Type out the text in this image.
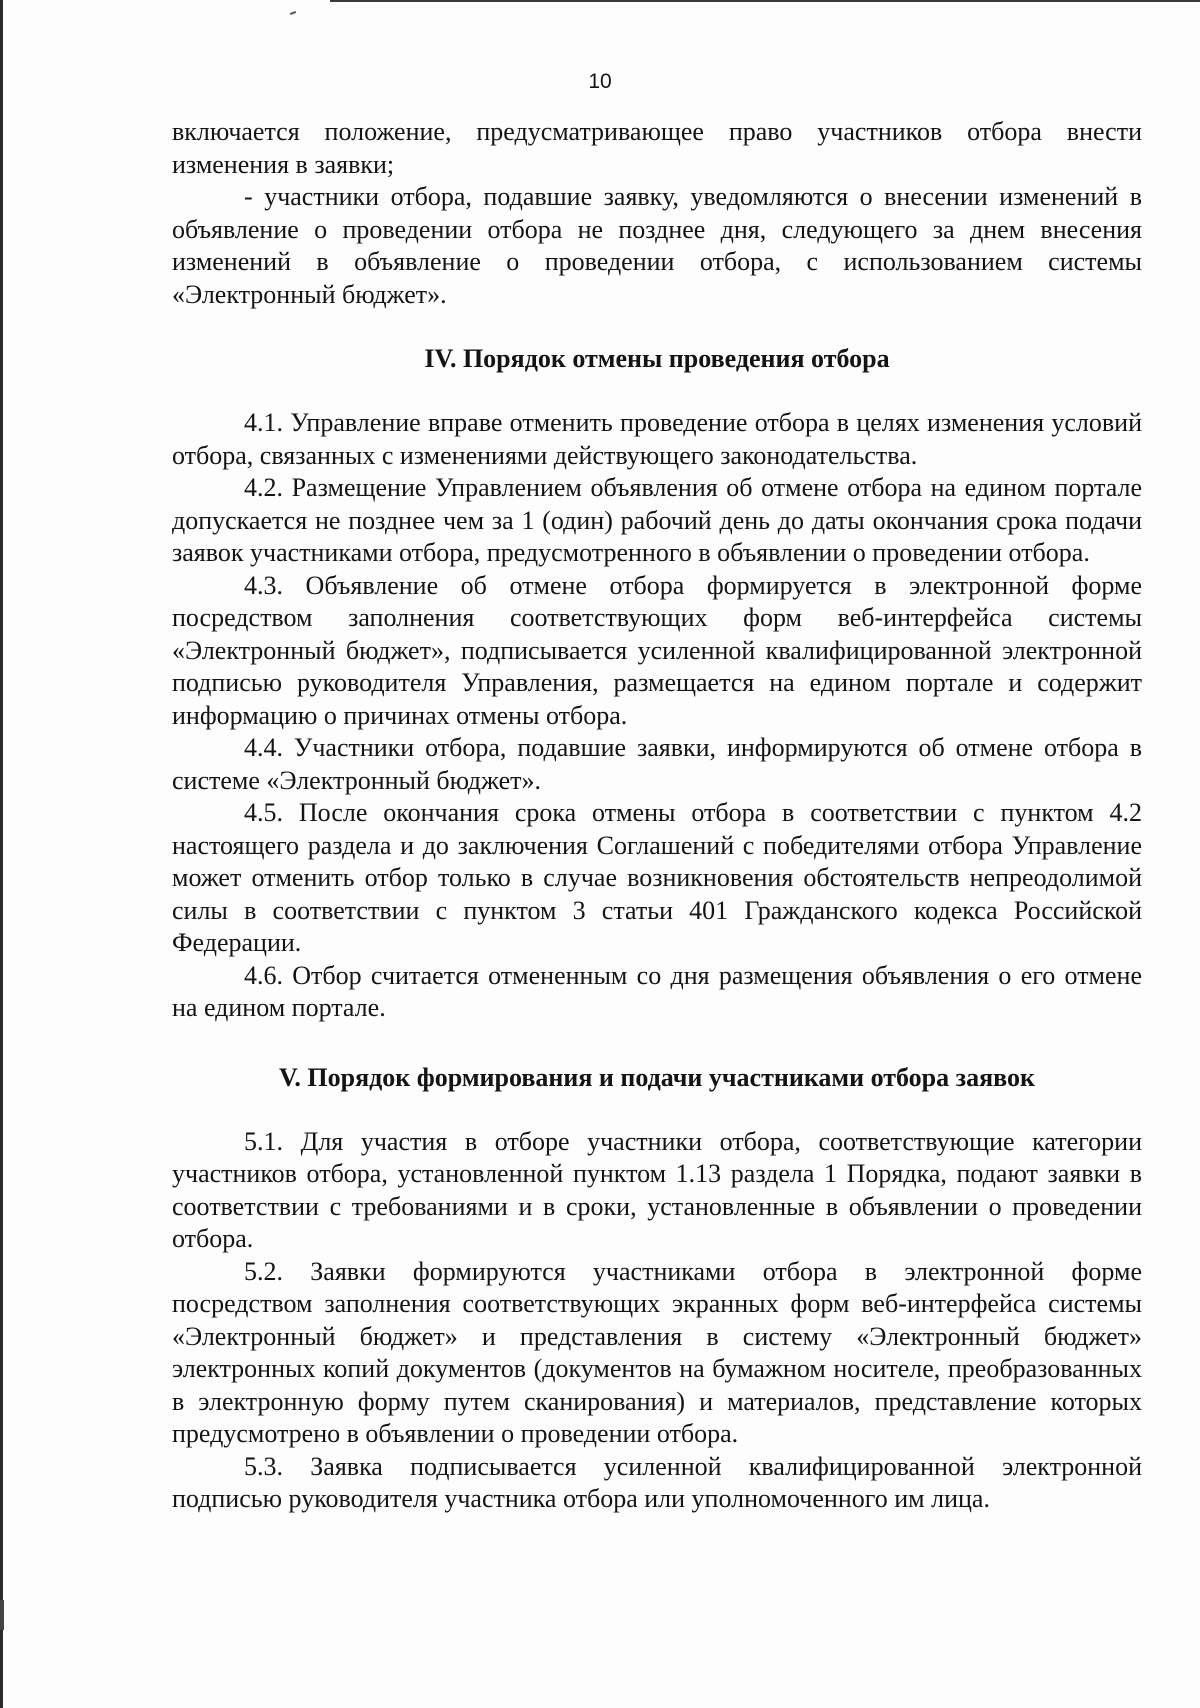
10

включается положение, предусматривающее право участников отбора внести изменения в заявки;

- участники отбора, подавшие заявку, уведомляются о внесении изменений в объявление о проведении отбора не позднее дня, следующего за днем внесения изменений в объявление о проведении отбора, с использованием системы «Электронный бюджет».

IV. Порядок отмены проведения отбора

4.1. Управление вправе отменить проведение отбора в целях изменения условий отбора, связанных с изменениями действующего законодательства.

4.2. Размещение Управлением объявления об отмене отбора на едином портале допускается не позднее чем за 1 (один) рабочий день до даты окончания срока подачи заявок участниками отбора, предусмотренного в объявлении о проведении отбора.

4.3. Объявление об отмене отбора формируется в электронной форме посредством заполнения соответствующих форм веб-интерфейса системы «Электронный бюджет», подписывается усиленной квалифицированной электронной подписью руководителя Управления, размещается на едином портале и содержит информацию о причинах отмены отбора.

4.4. Участники отбора, подавшие заявки, информируются об отмене отбора в системе «Электронный бюджет».

4.5. После окончания срока отмены отбора в соответствии с пунктом 4.2 настоящего раздела и до заключения Соглашений с победителями отбора Управление может отменить отбор только в случае возникновения обстоятельств непреодолимой силы в соответствии с пунктом 3 статьи 401 Гражданского кодекса Российской Федерации.

4.6. Отбор считается отмененным со дня размещения объявления о его отмене на едином портале.

V. Порядок формирования и подачи участниками отбора заявок

5.1. Для участия в отборе участники отбора, соответствующие категории участников отбора, установленной пунктом 1.13 раздела 1 Порядка, подают заявки в соответствии с требованиями и в сроки, установленные в объявлении о проведении отбора.

5.2. Заявки формируются участниками отбора в электронной форме посредством заполнения соответствующих экранных форм веб-интерфейса системы «Электронный бюджет» и представления в систему «Электронный бюджет» электронных копий документов (документов на бумажном носителе, преобразованных в электронную форму путем сканирования) и материалов, представление которых предусмотрено в объявлении о проведении отбора.

5.3. Заявка подписывается усиленной квалифицированной электронной подписью руководителя участника отбора или уполномоченного им лица.
